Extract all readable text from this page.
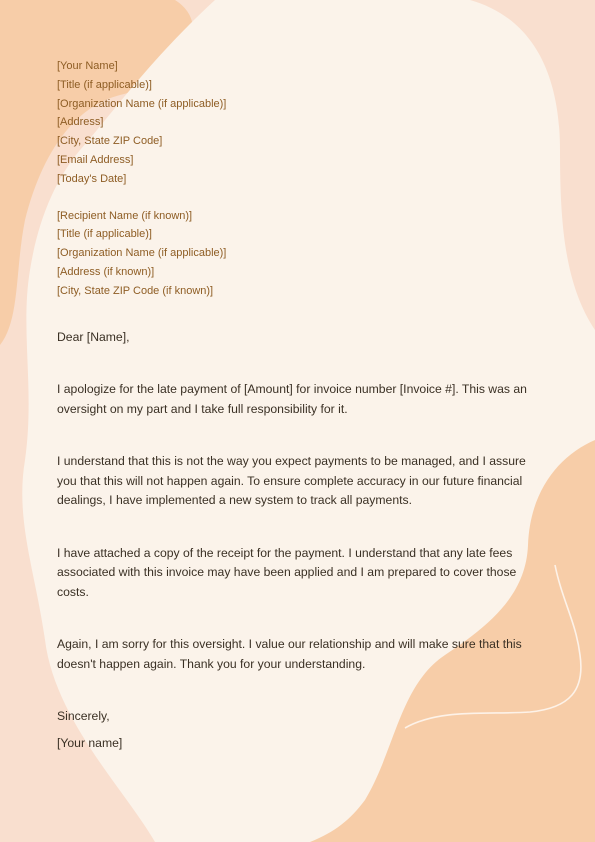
[Your Name]
[Title (if applicable)]
[Organization Name (if applicable)]
[Address]
[City, State ZIP Code]
[Email Address]
[Today's Date]
[Recipient Name (if known)]
[Title (if applicable)]
[Organization Name (if applicable)]
[Address (if known)]
[City, State ZIP Code (if known)]

Dear [Name],

I apologize for the late payment of [Amount] for invoice number [Invoice #]. This was an oversight on my part and I take full responsibility for it.

I understand that this is not the way you expect payments to be managed, and I assure you that this will not happen again. To ensure complete accuracy in our future financial dealings, I have implemented a new system to track all payments.

I have attached a copy of the receipt for the payment. I understand that any late fees associated with this invoice may have been applied and I am prepared to cover those costs.

Again, I am sorry for this oversight. I value our relationship and will make sure that this doesn't happen again. Thank you for your understanding.

Sincerely,

[Your name]
